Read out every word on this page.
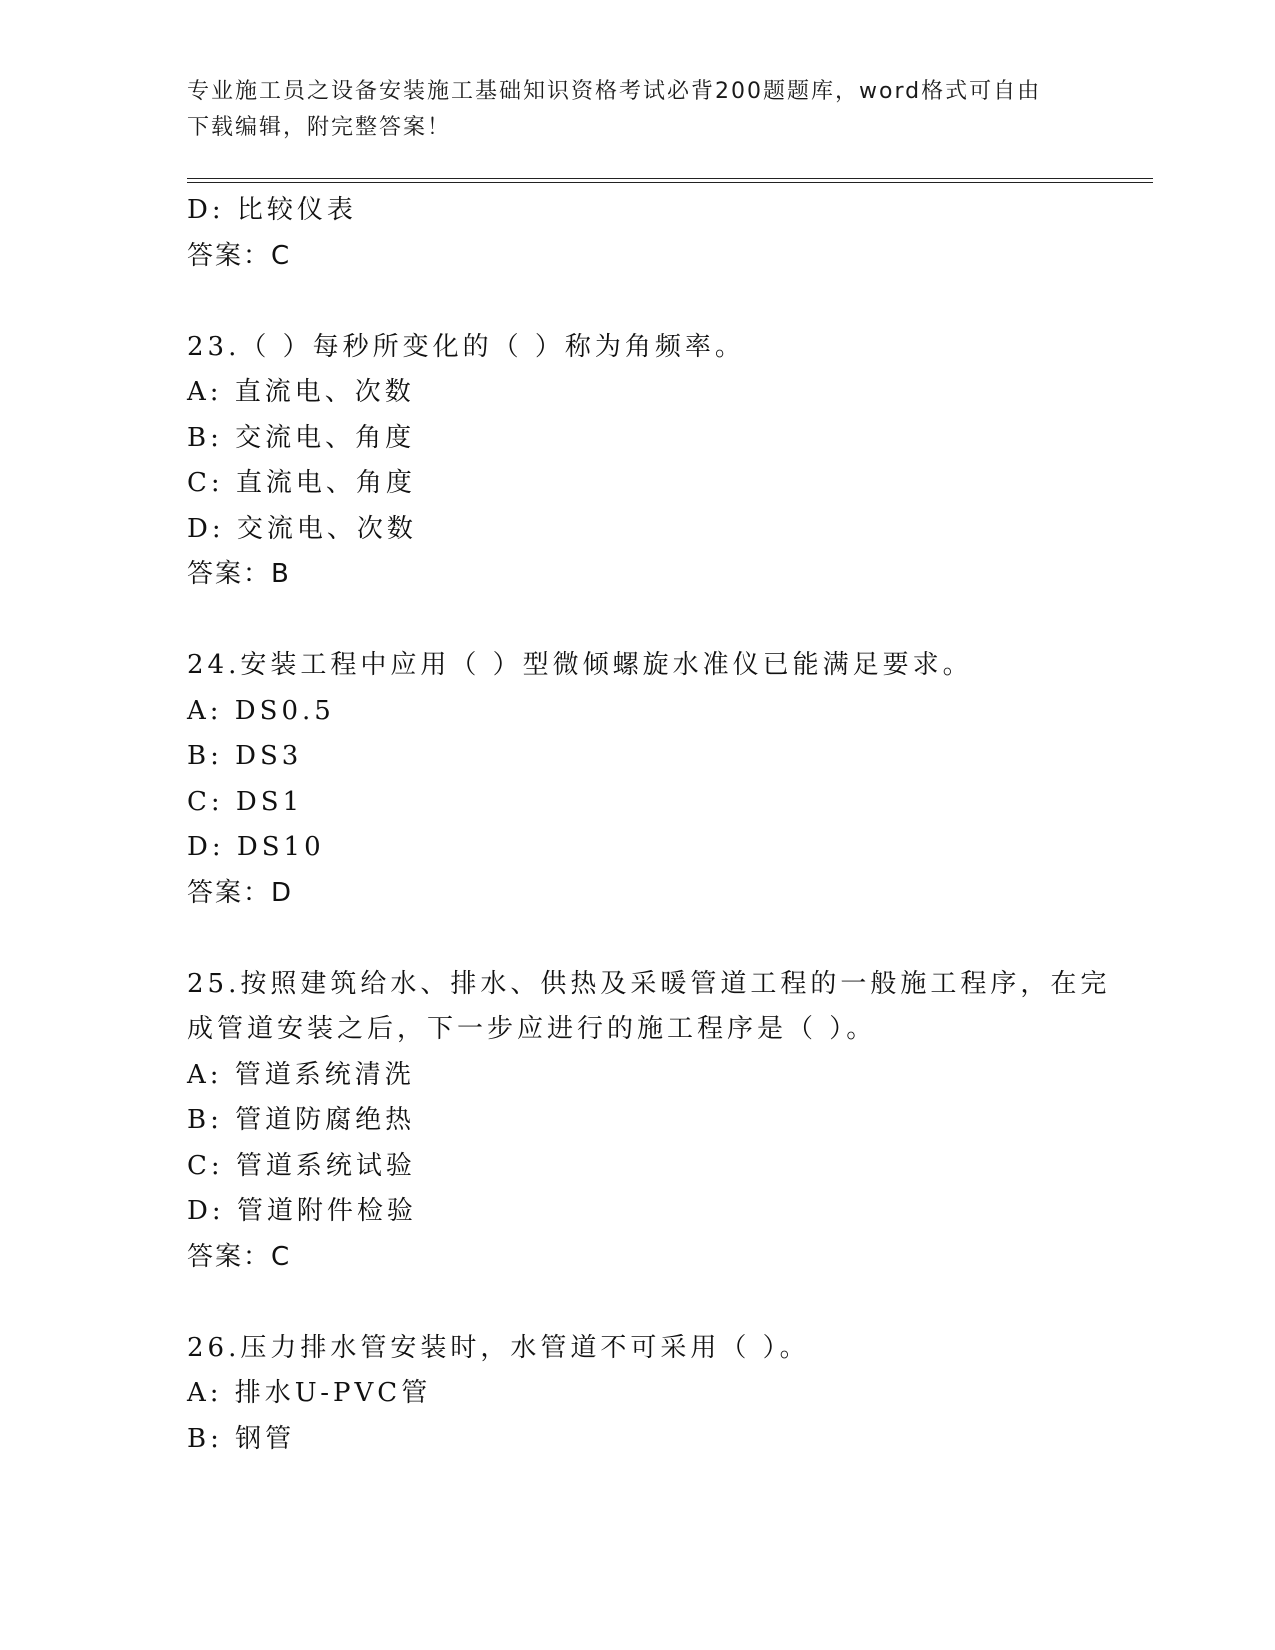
专业施工员之设备安装施工基础知识资格考试必背200题题库，word格式可自由
下载编辑，附完整答案！
D: 比较仪表
答案：C
23.（ ）每秒所变化的（ ）称为角频率。
A: 直流电、次数
B: 交流电、角度
C: 直流电、角度
D: 交流电、次数
答案：B
24.安装工程中应用（ ）型微倾螺旋水准仪已能满足要求。
A: DS0.5
B: DS3
C: DS1
D: DS10
答案：D
25.按照建筑给水、排水、供热及采暖管道工程的一般施工程序，在完
成管道安装之后，下一步应进行的施工程序是（ ）。
A: 管道系统清洗
B: 管道防腐绝热
C: 管道系统试验
D: 管道附件检验
答案：C
26.压力排水管安装时，水管道不可采用（ ）。
A: 排水U-PVC管
B: 钢管
